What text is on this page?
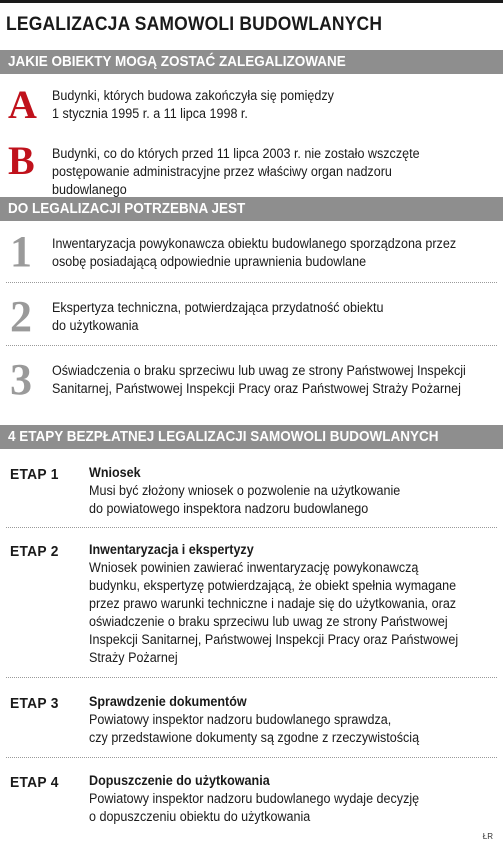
LEGALIZACJA SAMOWOLI BUDOWLANYCH
JAKIE OBIEKTY MOGĄ ZOSTAĆ ZALEGALIZOWANE
A Budynki, których budowa zakończyła się pomiędzy
1 stycznia 1995 r. a 11 lipca 1998 r.
B Budynki, co do których przed 11 lipca 2003 r. nie zostało wszczęte
postępowanie administracyjne przez właściwy organ nadzoru budowlanego
DO LEGALIZACJI POTRZEBNA JEST
1 Inwentaryzacja powykonawcza obiektu budowlanego sporządzona przez
osobę posiadającą odpowiednie uprawnienia budowlane
2 Ekspertyza techniczna, potwierdzająca przydatność obiektu
do użytkowania
3 Oświadczenia o braku sprzeciwu lub uwag ze strony Państwowej Inspekcji
Sanitarnej, Państwowej Inspekcji Pracy oraz Państwowej Straży Pożarnej
4 ETAPY BEZPŁATNEJ LEGALIZACJI SAMOWOLI BUDOWLANYCH
ETAP 1 Wniosek
Musi być złożony wniosek o pozwolenie na użytkowanie
do powiatowego inspektora nadzoru budowlanego
ETAP 2 Inwentaryzacja i ekspertyzy
Wniosek powinien zawierać inwentaryzację powykonawczą
budynku, ekspertyzę potwierdzającą, że obiekt spełnia wymagane
przez prawo warunki techniczne i nadaje się do użytkowania, oraz
oświadczenie o braku sprzeciwu lub uwag ze strony Państwowej
Inspekcji Sanitarnej, Państwowej Inspekcji Pracy oraz Państwowej
Straży Pożarnej
ETAP 3 Sprawdzenie dokumentów
Powiatowy inspektor nadzoru budowlanego sprawdza,
czy przedstawione dokumenty są zgodne z rzeczywistością
ETAP 4 Dopuszczenie do użytkowania
Powiatowy inspektor nadzoru budowlanego wydaje decyzję
o dopuszczeniu obiektu do użytkowania
ŁR
